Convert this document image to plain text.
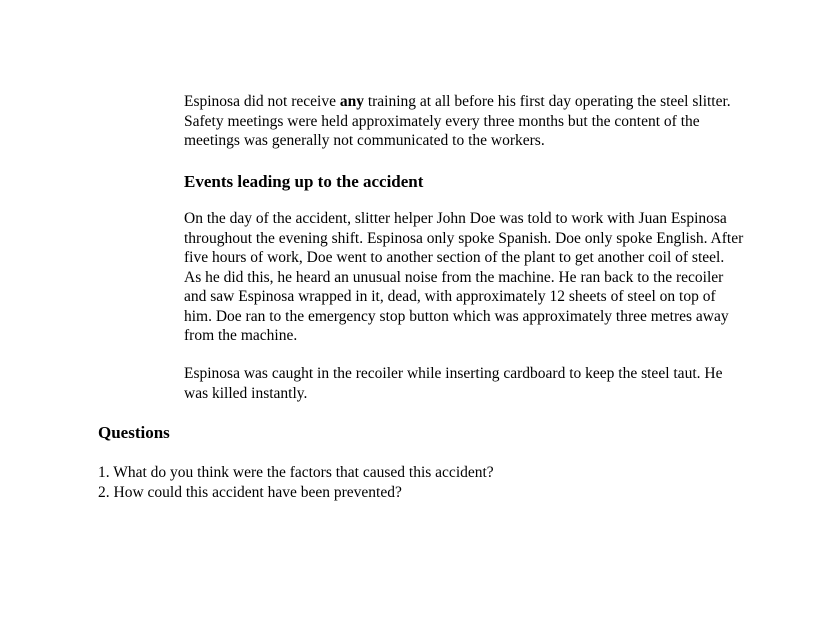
Espinosa did not receive any training at all before his first day operating the steel slitter. Safety meetings were held approximately every three months but the content of the meetings was generally not communicated to the workers.

Events leading up to the accident

On the day of the accident, slitter helper John Doe was told to work with Juan Espinosa throughout the evening shift. Espinosa only spoke Spanish. Doe only spoke English. After five hours of work, Doe went to another section of the plant to get another coil of steel. As he did this, he heard an unusual noise from the machine. He ran back to the recoiler and saw Espinosa wrapped in it, dead, with approximately 12 sheets of steel on top of him. Doe ran to the emergency stop button which was approximately three metres away from the machine.

Espinosa was caught in the recoiler while inserting cardboard to keep the steel taut. He was killed instantly.

Questions
1. What do you think were the factors that caused this accident?
2. How could this accident have been prevented?
